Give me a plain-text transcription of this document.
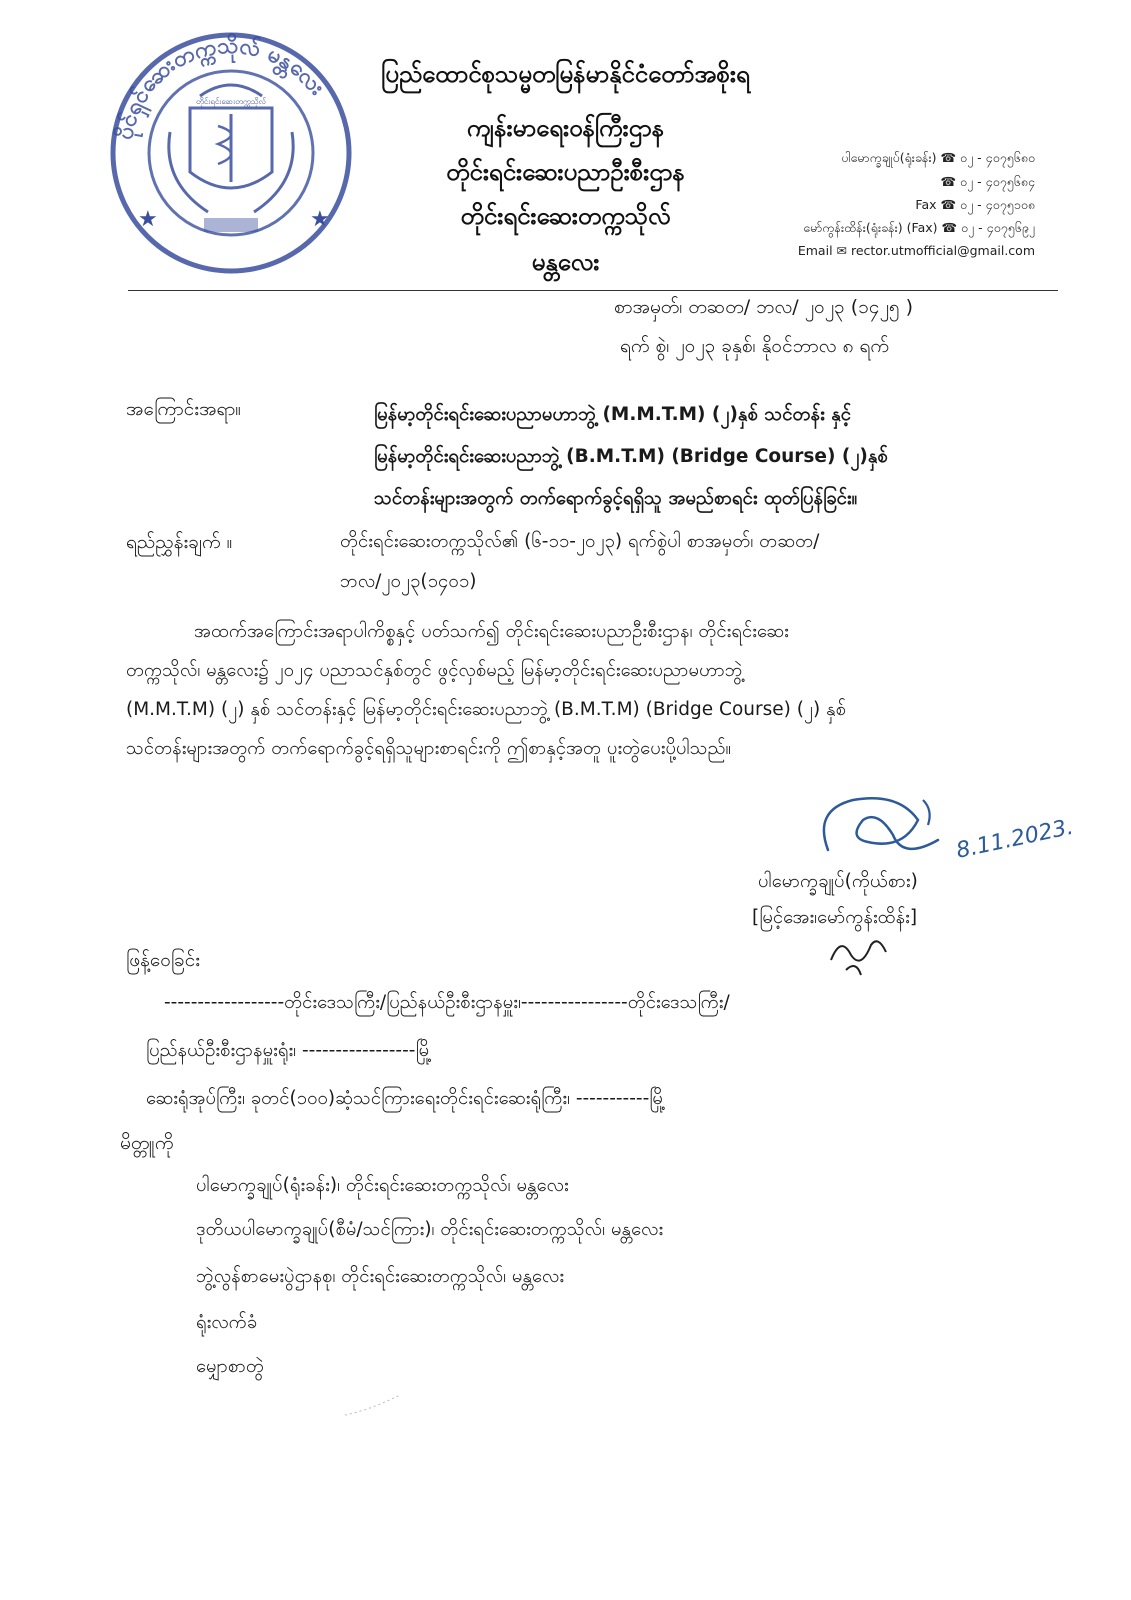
ပိုင်ရှင်ဆေးတက္ကသိုလ် မန္တလေး
★	★
တိုင်းရင်းဆေးတက္ကသိုလ်
ပြည်ထောင်စုသမ္မတမြန်မာနိုင်ငံတော်အစိုးရ
ကျန်းမာရေးဝန်ကြီးဌာန
တိုင်းရင်းဆေးပညာဦးစီးဌာန
တိုင်းရင်းဆေးတက္ကသိုလ်
မန္တလေး
ပါမောက္ခချုပ်(ရုံးခန်း) ☎ ၀၂ - ၄၀၇၅၆၈၀
☎ ၀၂ - ၄၀၇၅၆၈၄
Fax ☎ ၀၂ - ၄၀၇၅၁၀၈
မော်ကွန်းထိန်း(ရုံးခန်း) (Fax) ☎ ၀၂ - ၄၀၇၅၆၉၂
Email ✉ rector.utmofficial@gmail.com
စာအမှတ်၊ တဆတ/ ဘလ/ ၂၀၂၃ (၁၄၂၅ )
ရက် စွဲ၊ ၂၀၂၃ ခုနှစ်၊ နိုဝင်ဘာလ ၈ ရက်
အကြောင်းအရာ။	မြန်မာ့တိုင်းရင်းဆေးပညာမဟာဘွဲ့ (M.M.T.M) (၂)နှစ် သင်တန်း နှင့်
မြန်မာ့တိုင်းရင်းဆေးပညာဘွဲ့ (B.M.T.M) (Bridge Course) (၂)နှစ်
သင်တန်းများအတွက် တက်ရောက်ခွင့်ရရှိသူ အမည်စာရင်း ထုတ်ပြန်ခြင်း။
ရည်ညွှန်းချက် ။	တိုင်းရင်းဆေးတက္ကသိုလ်၏ (၆-၁၁-၂၀၂၃) ရက်စွဲပါ စာအမှတ်၊ တဆတ/
ဘလ/၂၀၂၃(၁၄၀၁)
အထက်အကြောင်းအရာပါကိစ္စနှင့် ပတ်သက်၍ တိုင်းရင်းဆေးပညာဦးစီးဌာန၊ တိုင်းရင်းဆေး
တက္ကသိုလ်၊ မန္တလေး၌ ၂၀၂၄ ပညာသင်နှစ်တွင် ဖွင့်လှစ်မည့် မြန်မာ့တိုင်းရင်းဆေးပညာမဟာဘွဲ့
(M.M.T.M) (၂) နှစ် သင်တန်းနှင့် မြန်မာ့တိုင်းရင်းဆေးပညာဘွဲ့ (B.M.T.M) (Bridge Course) (၂) နှစ်
သင်တန်းများအတွက် တက်ရောက်ခွင့်ရရှိသူများစာရင်းကို ဤစာနှင့်အတူ ပူးတွဲပေးပို့ပါသည်။
8.11.2023.
ပါမောက္ခချုပ်(ကိုယ်စား)
[မြင့်အေး၊မော်ကွန်းထိန်း]
ဖြန့်ဝေခြင်း
------------------တိုင်းဒေသကြီး/ပြည်နယ်ဦးစီးဌာနမှူး၊----------------တိုင်းဒေသကြီး/
ပြည်နယ်ဦးစီးဌာနမှူးရုံး၊ -----------------မြို့
ဆေးရုံအုပ်ကြီး၊ ခုတင်(၁၀၀)ဆံ့သင်ကြားရေးတိုင်းရင်းဆေးရုံကြီး၊ -----------မြို့
မိတ္တူကို
ပါမောက္ခချုပ်(ရုံးခန်း)၊ တိုင်းရင်းဆေးတက္ကသိုလ်၊ မန္တလေး
ဒုတိယပါမောက္ခချုပ်(စီမံ/သင်ကြား)၊ တိုင်းရင်းဆေးတက္ကသိုလ်၊ မန္တလေး
ဘွဲ့လွန်စာမေးပွဲဌာနစု၊ တိုင်းရင်းဆေးတက္ကသိုလ်၊ မန္တလေး
ရုံးလက်ခံ
မျှောစာတွဲ
